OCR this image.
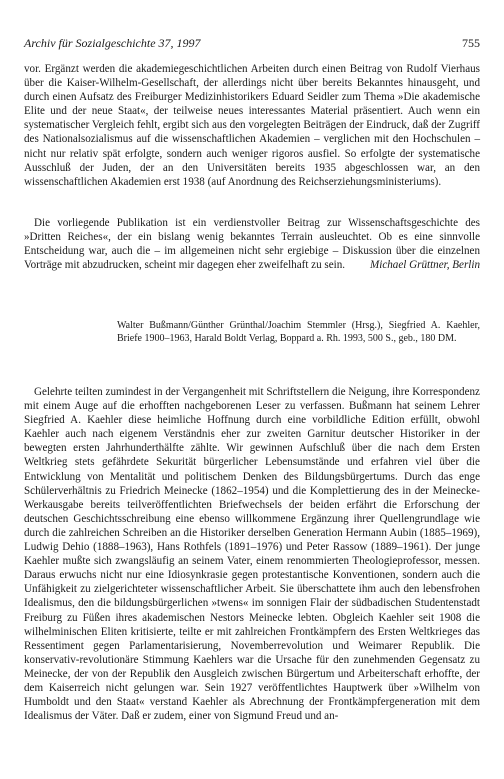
Archiv für Sozialgeschichte 37, 1997	755

vor. Ergänzt werden die akademiegeschichtlichen Arbeiten durch einen Beitrag von Rudolf Vierhaus über die Kaiser-Wilhelm-Gesellschaft, der allerdings nicht über bereits Bekanntes hinausgeht, und durch einen Aufsatz des Freiburger Medizinhistorikers Eduard Seidler zum Thema »Die akademische Elite und der neue Staat«, der teilweise neues interessantes Material präsentiert. Auch wenn ein systematischer Vergleich fehlt, ergibt sich aus den vorgelegten Beiträgen der Eindruck, daß der Zugriff des Nationalsozialismus auf die wissenschaftlichen Akademien – verglichen mit den Hochschulen – nicht nur relativ spät erfolgte, sondern auch weniger rigoros ausfiel. So erfolgte der systematische Ausschluß der Juden, der an den Universitäten bereits 1935 abgeschlossen war, an den wissenschaftlichen Akademien erst 1938 (auf Anordnung des Reichserziehungsministeriums).

Die vorliegende Publikation ist ein verdienstvoller Beitrag zur Wissenschaftsgeschichte des »Dritten Reiches«, der ein bislang wenig bekanntes Terrain ausleuchtet. Ob es eine sinnvolle Entscheidung war, auch die – im allgemeinen nicht sehr ergiebige – Diskussion über die einzelnen Vorträge mit abzudrucken, scheint mir dagegen eher zweifelhaft zu sein.	Michael Grüttner, Berlin

Walter Bußmann/Günther Grünthal/Joachim Stemmler (Hrsg.), Siegfried A. Kaehler, Briefe 1900–1963, Harald Boldt Verlag, Boppard a. Rh. 1993, 500 S., geb., 180 DM.

Gelehrte teilten zumindest in der Vergangenheit mit Schriftstellern die Neigung, ihre Korrespondenz mit einem Auge auf die erhofften nachgeborenen Leser zu verfassen. Bußmann hat seinem Lehrer Siegfried A. Kaehler diese heimliche Hoffnung durch eine vorbildliche Edition erfüllt, obwohl Kaehler auch nach eigenem Verständnis eher zur zweiten Garnitur deutscher Historiker in der bewegten ersten Jahrhunderthälfte zählte. Wir gewinnen Aufschluß über die nach dem Ersten Weltkrieg stets gefährdete Sekurität bürgerlicher Lebensumstände und erfahren viel über die Entwicklung von Mentalität und politischem Denken des Bildungsbürgertums. Durch das enge Schülerverhältnis zu Friedrich Meinecke (1862–1954) und die Komplettierung des in der Meinecke-Werkausgabe bereits teilveröffentlichten Briefwechsels der beiden erfährt die Erforschung der deutschen Geschichtsschreibung eine ebenso willkommene Ergänzung ihrer Quellengrundlage wie durch die zahlreichen Schreiben an die Historiker derselben Generation Hermann Aubin (1885–1969), Ludwig Dehio (1888–1963), Hans Rothfels (1891–1976) und Peter Rassow (1889–1961). Der junge Kaehler mußte sich zwangsläufig an seinem Vater, einem renommierten Theologieprofessor, messen. Daraus erwuchs nicht nur eine Idiosynkrasie gegen protestantische Konventionen, sondern auch die Unfähigkeit zu zielgerichteter wissenschaftlicher Arbeit. Sie überschattete ihm auch den lebensfrohen Idealismus, den die bildungsbürgerlichen »twens« im sonnigen Flair der südbadischen Studentenstadt Freiburg zu Füßen ihres akademischen Nestors Meinecke lebten. Obgleich Kaehler seit 1908 die wilhelminischen Eliten kritisierte, teilte er mit zahlreichen Frontkämpfern des Ersten Weltkrieges das Ressentiment gegen Parlamentarisierung, Novemberrevolution und Weimarer Republik. Die konservativ-revolutionäre Stimmung Kaehlers war die Ursache für den zunehmenden Gegensatz zu Meinecke, der von der Republik den Ausgleich zwischen Bürgertum und Arbeiterschaft erhoffte, der dem Kaiserreich nicht gelungen war. Sein 1927 veröffentlichtes Hauptwerk über »Wilhelm von Humboldt und den Staat« verstand Kaehler als Abrechnung der Frontkämpfergeneration mit dem Idealismus der Väter. Daß er zudem, einer von Sigmund Freud und an-
